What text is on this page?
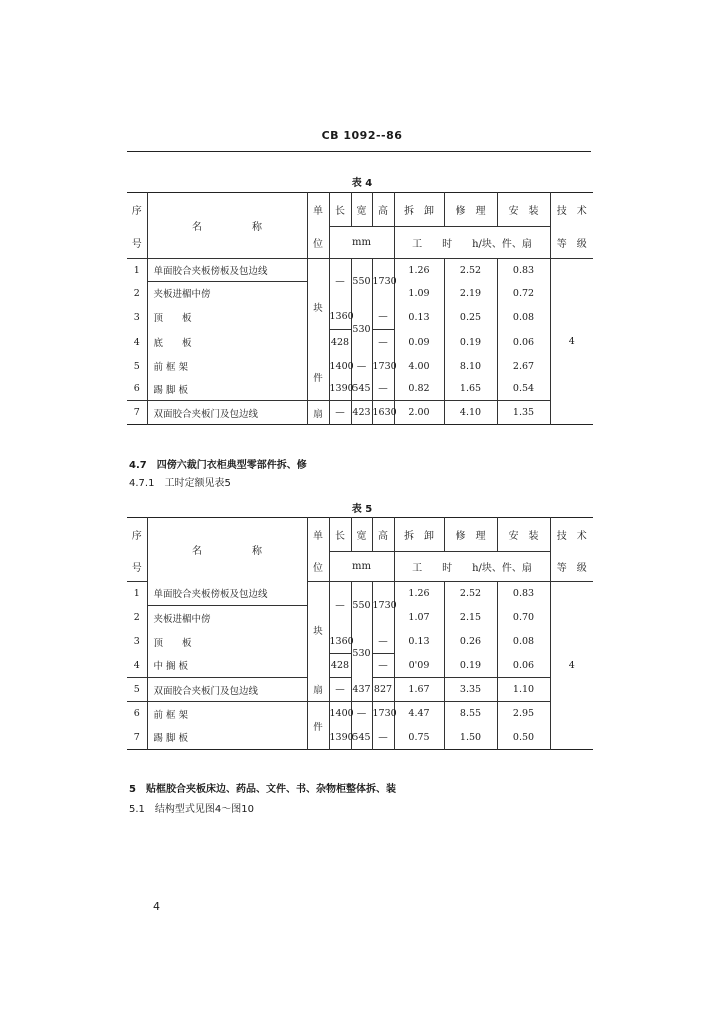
CB 1092--86
表 4
序	名　　　　　称	单	长	宽	高	拆　卸	修　理	安　装	技　术
号		位	mm			工　　时　　h/块、件、扇			等　级
1	单面胶合夹板傍板及包边线	块	—	550	1730	1.26	2.52	0.83	4
2	夹板进楣中傍					1.09	2.19	0.72	
3	顶　　板		1360	530	—	0.13	0.25	0.08	
4	底　　板		428		—	0.09	0.19	0.06	
5	前 框 架	件	1400	—	1730	4.00	8.10	2.67	
6	踢 脚 板		1390	545	—	0.82	1.65	0.54	
7	双面胶合夹板门及包边线	扇	—	423	1630	2.00	4.10	1.35	
4.7　四傍六裁门衣柜典型零部件拆、修
4.7.1　工时定额见表5
表 5
序	名　　　　　称	单	长	宽	高	拆　卸	修　理	安　装	技　术
号		位	mm			工　　时　　h/块、件、扇			等　级
1	单面胶合夹板傍板及包边线	块	—	550	1730	1.26	2.52	0.83	4
2	夹板进楣中傍					1.07	2.15	0.70	
3	顶　　板		1360	530	—	0.13	0.26	0.08	
4	中 搁 板		428		—	0'09	0.19	0.06	
5	双面胶合夹板门及包边线	扇	—	437	827	1.67	3.35	1.10	
6	前 框 架	件	1400	—	1730	4.47	8.55	2.95	
7	踢 脚 板		1390	545	—	0.75	1.50	0.50	
5　贴框胶合夹板床边、药品、文件、书、杂物柜整体拆、装
5.1　结构型式见图4～图10
4
